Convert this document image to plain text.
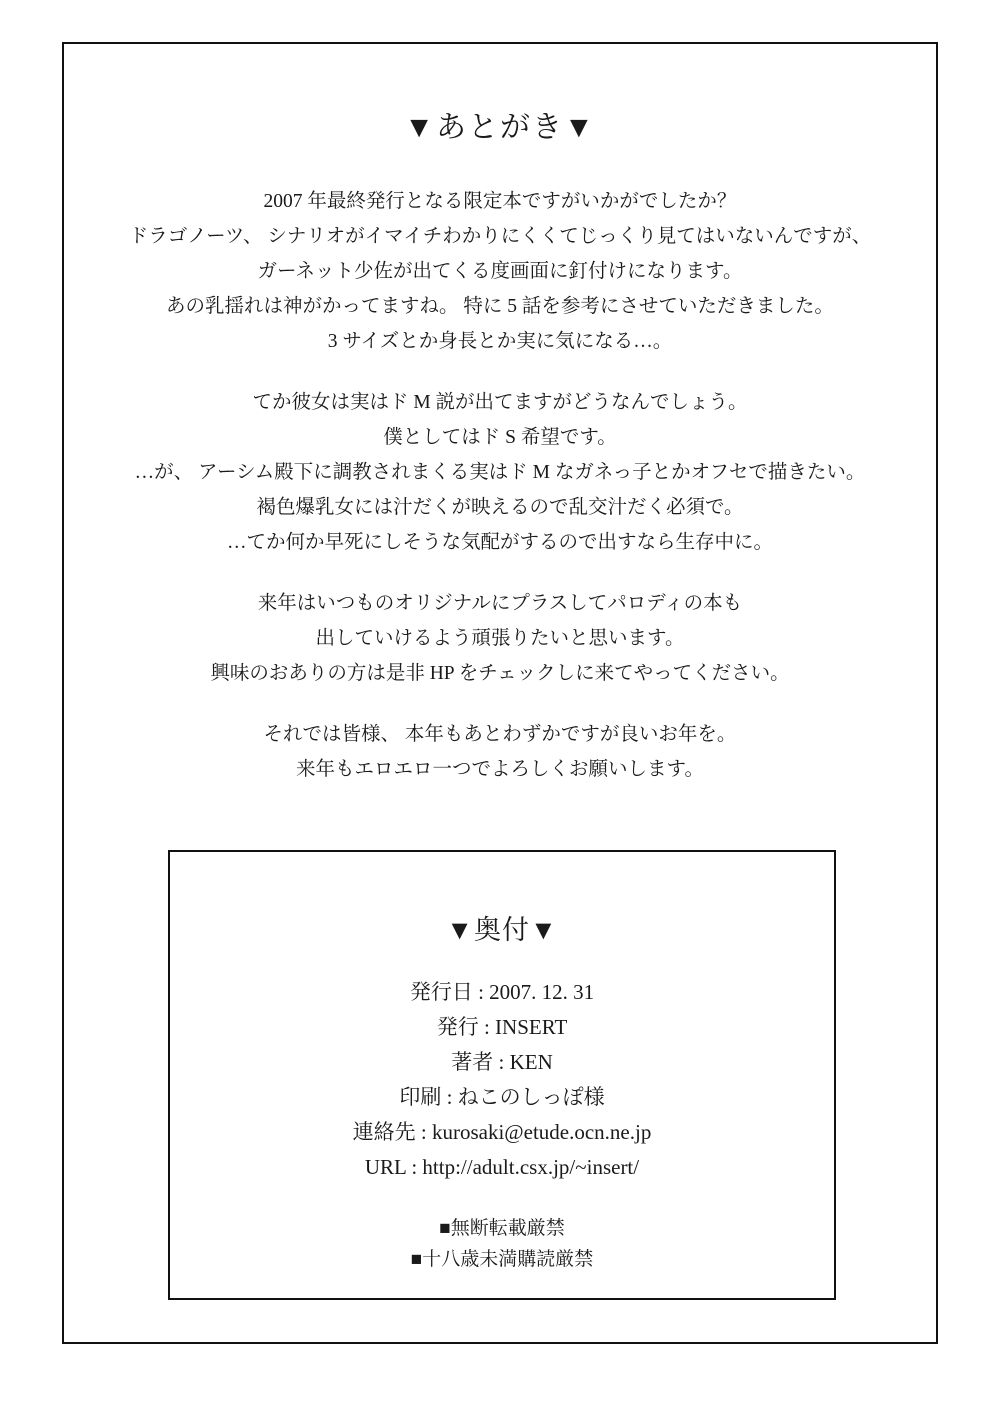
▼あとがき▼
2007 年最終発行となる限定本ですがいかがでしたか？
ドラゴノーツ、 シナリオがイマイチわかりにくくてじっくり見てはいないんですが、
ガーネット少佐が出てくる度画面に釘付けになります。
あの乳揺れは神がかってますね。 特に 5 話を参考にさせていただきました。
3 サイズとか身長とか実に気になる…。
てか彼女は実はド M 説が出てますがどうなんでしょう。
僕としてはド S 希望です。
…が、 アーシム殿下に調教されまくる実はド M なガネっ子とかオフセで描きたい。
褐色爆乳女には汁だくが映えるので乱交汁だく必須で。
…てか何か早死にしそうな気配がするので出すなら生存中に。
来年はいつものオリジナルにプラスしてパロディの本も
出していけるよう頑張りたいと思います。
興味のおありの方は是非 HP をチェックしに来てやってください。
それでは皆様、 本年もあとわずかですが良いお年を。
来年もエロエロ一つでよろしくお願いします。
▼奥付▼
発行日 : 2007. 12. 31
発行 : INSERT
著者 : KEN
印刷 : ねこのしっぽ様
連絡先 : kurosaki@etude.ocn.ne.jp
URL : http://adult.csx.jp/~insert/
■無断転載厳禁
■十八歳未満購読厳禁
